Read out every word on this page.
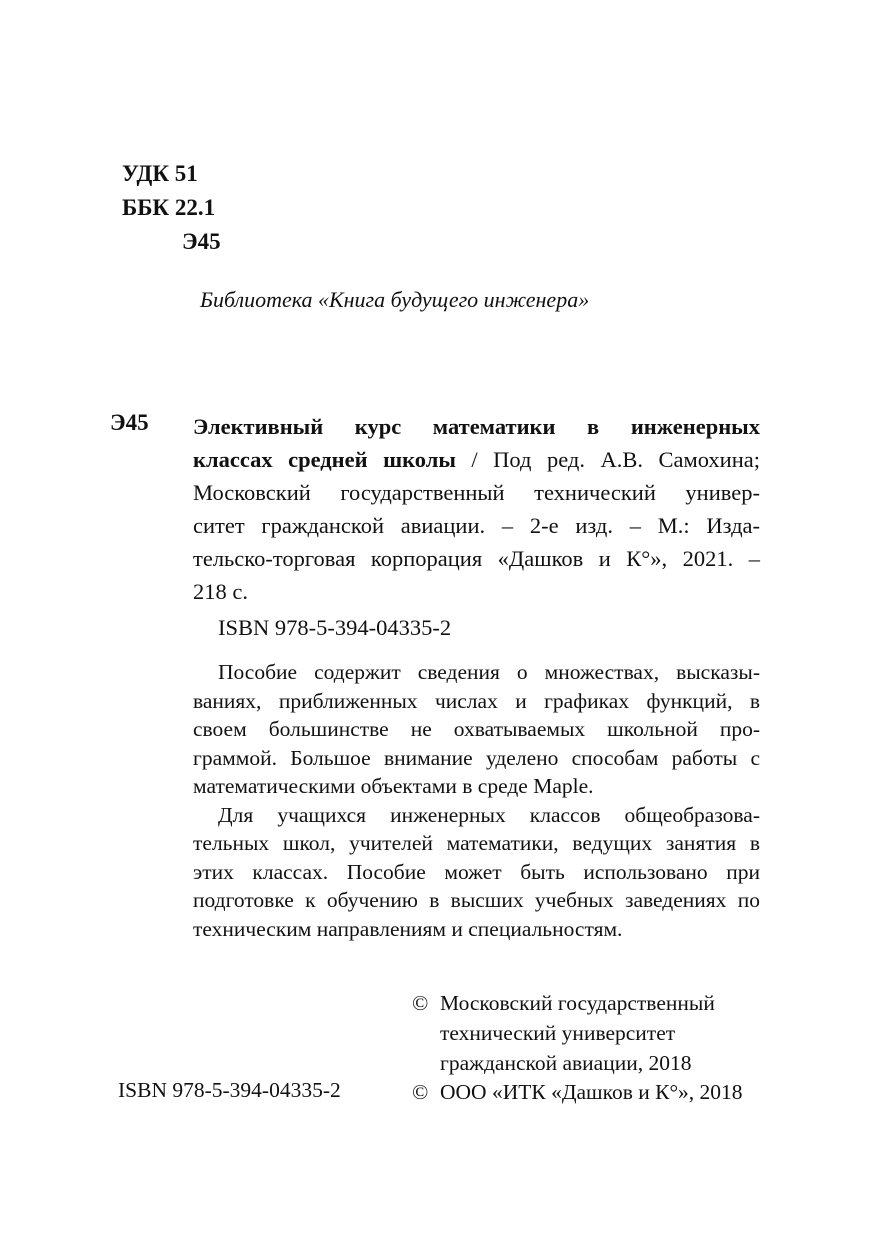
УДК 51
ББК 22.1
Э45
Библиотека «Книга будущего инженера»
Э45 Элективный курс математики в инженерных
классах средней школы / Под ред. А.В. Самохина;
Московский государственный технический универ-
ситет гражданской авиации. – 2-е изд. – М.: Изда-
тельско-торговая корпорация «Дашков и К°», 2021. –
218 с.
ISBN 978-5-394-04335-2
Пособие содержит сведения о множествах, высказы-
ваниях, приближенных числах и графиках функций, в
своем большинстве не охватываемых школьной про-
граммой. Большое внимание уделено способам работы с
математическими объектами в среде Maple.
Для учащихся инженерных классов общеобразова-
тельных школ, учителей математики, ведущих занятия в
этих классах. Пособие может быть использовано при
подготовке к обучению в высших учебных заведениях по
техническим направлениям и специальностям.
© Московский государственный
технический университет
гражданской авиации, 2018
© ООО «ИТК «Дашков и К°», 2018
ISBN 978-5-394-04335-2
